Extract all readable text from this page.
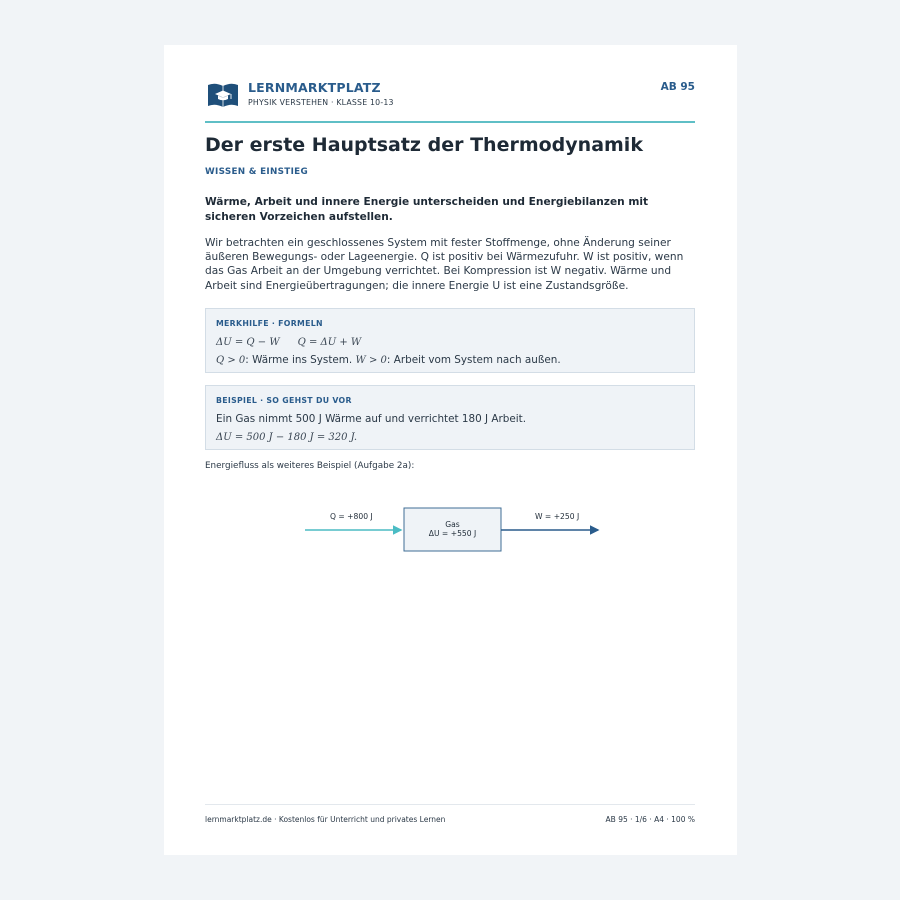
LERNMARKTPLATZ
PHYSIK VERSTEHEN · KLASSE 10-13
AB 95
Der erste Hauptsatz der Thermodynamik
WISSEN & EINSTIEG
Wärme, Arbeit und innere Energie unterscheiden und Energiebilanzen mit sicheren Vorzeichen aufstellen.
Wir betrachten ein geschlossenes System mit fester Stoffmenge, ohne Änderung seiner äußeren Bewegungs- oder Lageenergie. Q ist positiv bei Wärmezufuhr. W ist positiv, wenn das Gas Arbeit an der Umgebung verrichtet. Bei Kompression ist W negativ. Wärme und Arbeit sind Energieübertragungen; die innere Energie U ist eine Zustandsgröße.
MERKHILFE · FORMELN
ΔU = Q − W Q = ΔU + W
Q > 0: Wärme ins System. W > 0: Arbeit vom System nach außen.
BEISPIEL · SO GEHST DU VOR
Ein Gas nimmt 500 J Wärme auf und verrichtet 180 J Arbeit.
ΔU = 500 J − 180 J = 320 J.
Energiefluss als weiteres Beispiel (Aufgabe 2a):
Q = +800 J
Gas
ΔU = +550 J
W = +250 J
lernmarktplatz.de · Kostenlos für Unterricht und privates Lernen	AB 95 · 1/6 · A4 · 100 %
